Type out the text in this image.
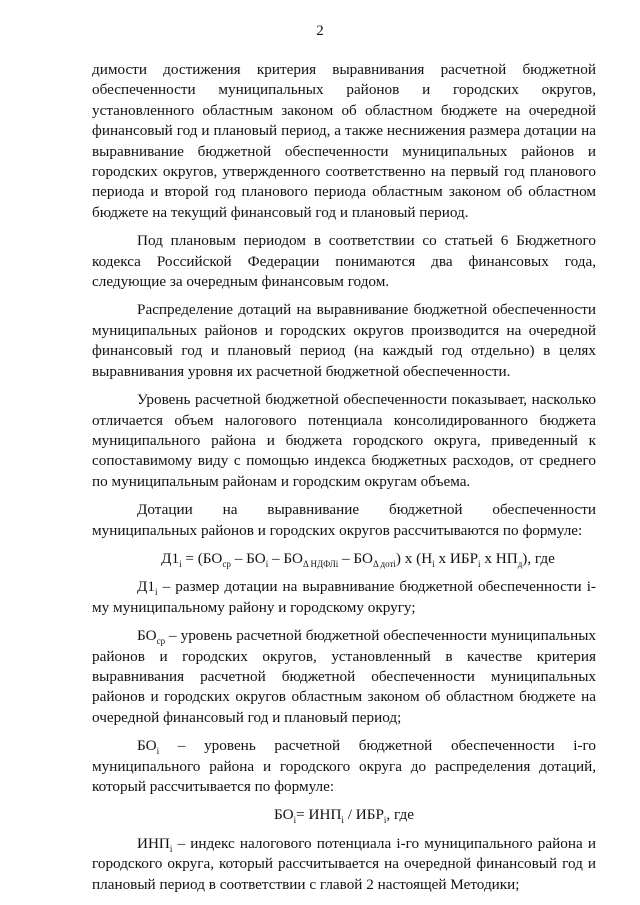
2

димости достижения критерия выравнивания расчетной бюджетной обеспеченности муниципальных районов и городских округов, установленного областным законом об областном бюджете на очередной финансовый год и плановый период, а также неснижения размера дотации на выравнивание бюджетной обеспеченности муниципальных районов и городских округов, утвержденного соответственно на первый год планового периода и второй год планового периода областным законом об областном бюджете на текущий финансовый год и плановый период.

Под плановым периодом в соответствии со статьей 6 Бюджетного кодекса Российской Федерации понимаются два финансовых года, следующие за очередным финансовым годом.

Распределение дотаций на выравнивание бюджетной обеспеченности муниципальных районов и городских округов производится на очередной финансовый год и плановый период (на каждый год отдельно) в целях выравнивания уровня их расчетной бюджетной обеспеченности.

Уровень расчетной бюджетной обеспеченности показывает, насколько отличается объем налогового потенциала консолидированного бюджета муниципального района и бюджета городского округа, приведенный к сопоставимому виду с помощью индекса бюджетных расходов, от среднего по муниципальным районам и городским округам объема.

Дотации на выравнивание бюджетной обеспеченности муниципальных районов и городских округов рассчитываются по формуле:

$Д1_i = (БО_{ср} - БО_i - БО_{\Delta НДФЛi} - БО_{\Delta дотi})$ х ($Н_i$ х $ИБР_i$ х $НП_д$), где

$Д1_i$ – размер дотации на выравнивание бюджетной обеспеченности i-му муниципальному району и городскому округу;

$БО_{ср}$ – уровень расчетной бюджетной обеспеченности муниципальных районов и городских округов, установленный в качестве критерия выравнивания расчетной бюджетной обеспеченности муниципальных районов и городских округов областным законом об областном бюджете на очередной финансовый год и плановый период;

$БО_i$ – уровень расчетной бюджетной обеспеченности i-го муниципального района и городского округа до распределения дотаций, который рассчитывается по формуле:

$БО_i= ИНП_i / ИБР_i$, где

$ИНП_i$ – индекс налогового потенциала i-го муниципального района и городского округа, который рассчитывается на очередной финансовый год и плановый период в соответствии с главой 2 настоящей Методики;
